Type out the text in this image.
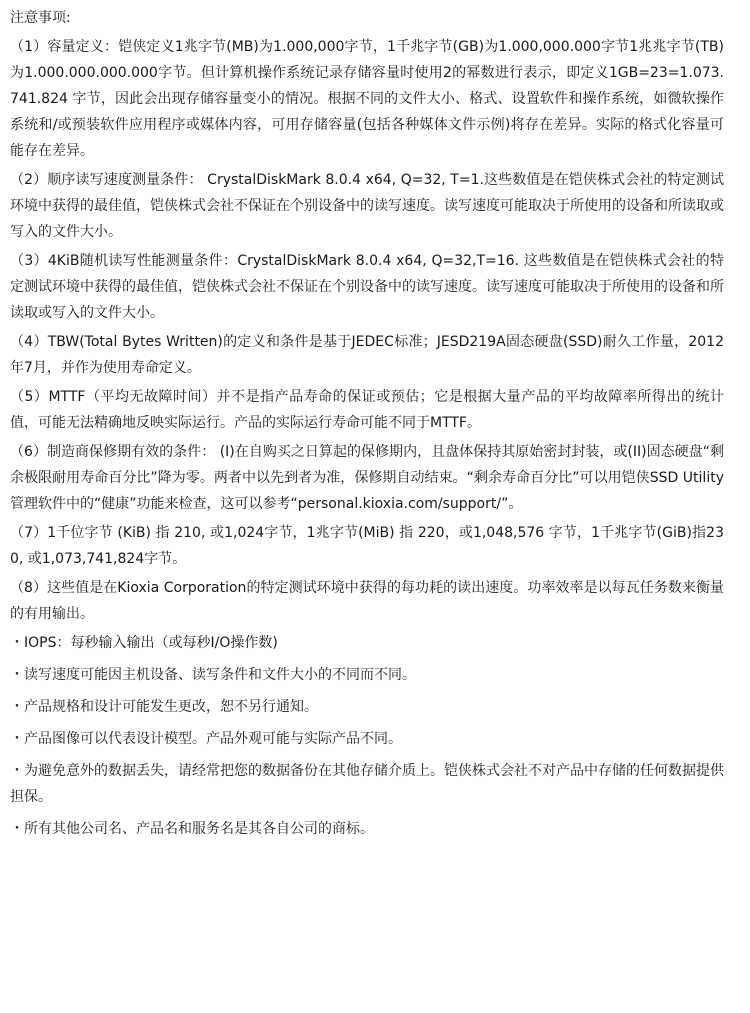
注意事项:

（1）容量定义：铠侠定义1兆字节(MB)为1.000,000字节，1千兆字节(GB)为1.000,000.000字节1兆兆字节(TB)为1.000.000.000.000字节。但计算机操作系统记录存储容量时使用2的幂数进行表示，即定义1GB=23=1.073.741.824 字节，因此会出现存储容量变小的情况。根据不同的文件大小、格式、设置软件和操作系统，如微软操作系统和/或预装软件应用程序或媒体内容，可用存储容量(包括各种媒体文件示例)将存在差异。实际的格式化容量可能存在差异。

（2）顺序读写速度测量条件： CrystalDiskMark 8.0.4 x64, Q=32, T=1.这些数值是在铠侠株式会社的特定测试环境中获得的最佳值，铠侠株式会社不保证在个别设备中的读写速度。读写速度可能取决于所使用的设备和所读取或写入的文件大小。

（3）4KiB随机读写性能测量条件：CrystalDiskMark 8.0.4 x64, Q=32,T=16. 这些数值是在铠侠株式会社的特定测试环境中获得的最佳值，铠侠株式会社不保证在个别设备中的读写速度。读写速度可能取决于所使用的设备和所读取或写入的文件大小。

（4）TBW(Total Bytes Written)的定义和条件是基于JEDEC标准；JESD219A固态硬盘(SSD)耐久工作量，2012年7月，并作为使用寿命定义。

（5）MTTF（平均无故障时间）并不是指产品寿命的保证或预估；它是根据大量产品的平均故障率所得出的统计值，可能无法精确地反映实际运行。产品的实际运行寿命可能不同于MTTF。

（6）制造商保修期有效的条件： (I)在自购买之日算起的保修期内，且盘体保持其原始密封封装，或(II)固态硬盘“剩余极限耐用寿命百分比”降为零。两者中以先到者为准，保修期自动结束。“剩余寿命百分比”可以用铠侠SSD Utility管理软件中的“健康”功能来检查，这可以参考“personal.kioxia.com/support/”。

（7）1千位字节 (KiB) 指 210, 或1,024字节，1兆字节(MiB) 指 220，或1,048,576 字节，1千兆字节(GiB)指230, 或1,073,741,824字节。

（8）这些值是在Kioxia Corporation的特定测试环境中获得的每功耗的读出速度。功率效率是以每瓦任务数来衡量的有用输出。

・IOPS：每秒输入输出（或每秒I/O操作数)

・读写速度可能因主机设备、读写条件和文件大小的不同而不同。

・产品规格和设计可能发生更改，恕不另行通知。

・产品图像可以代表设计模型。产品外观可能与实际产品不同。

・为避免意外的数据丢失，请经常把您的数据备份在其他存储介质上。铠侠株式会社不对产品中存储的任何数据提供担保。

・所有其他公司名、产品名和服务名是其各自公司的商标。
